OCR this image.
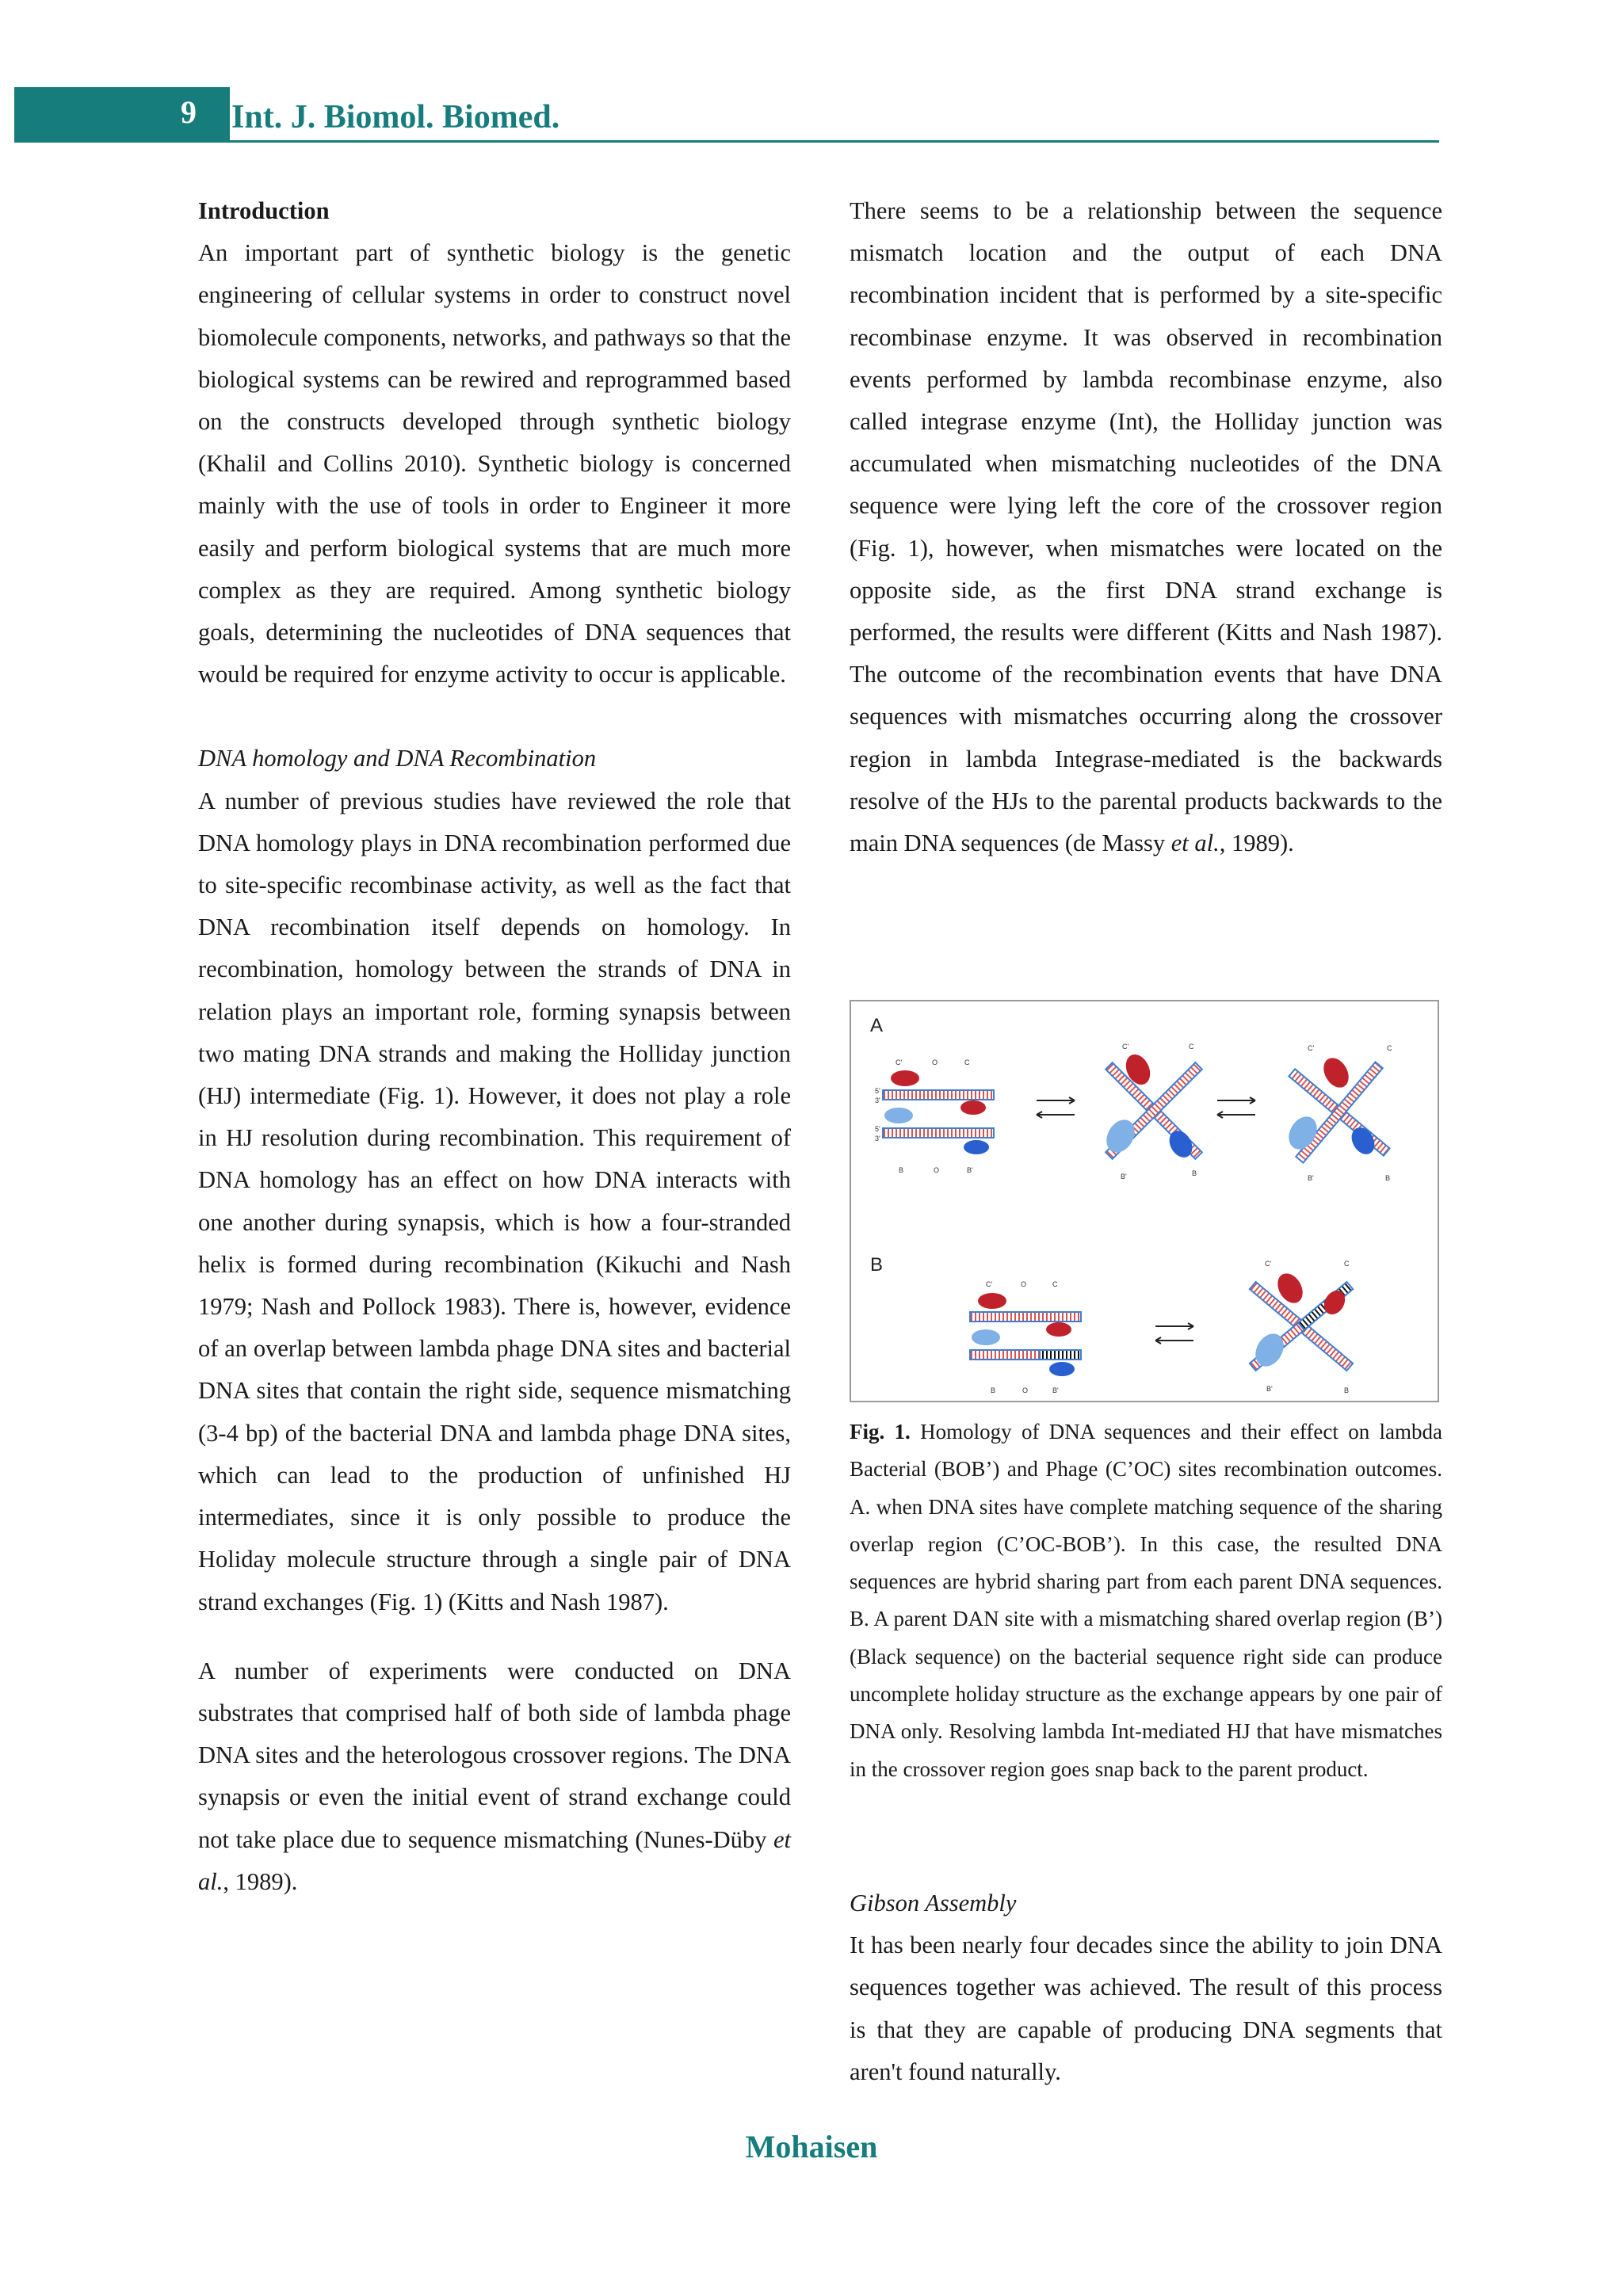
9 Int. J. Biomol. Biomed.

Introduction

An important part of synthetic biology is the genetic engineering of cellular systems in order to construct novel biomolecule components, networks, and pathways so that the biological systems can be rewired and reprogrammed based on the constructs developed through synthetic biology (Khalil and Collins 2010). Synthetic biology is concerned mainly with the use of tools in order to Engineer it more easily and perform biological systems that are much more complex as they are required. Among synthetic biology goals, determining the nucleotides of DNA sequences that would be required for enzyme activity to occur is applicable.

DNA homology and DNA Recombination

A number of previous studies have reviewed the role that DNA homology plays in DNA recombination performed due to site-specific recombinase activity, as well as the fact that DNA recombination itself depends on homology. In recombination, homology between the strands of DNA in relation plays an important role, forming synapsis between two mating DNA strands and making the Holliday junction (HJ) intermediate (Fig. 1). However, it does not play a role in HJ resolution during recombination. This requirement of DNA homology has an effect on how DNA interacts with one another during synapsis, which is how a four-stranded helix is formed during recombination (Kikuchi and Nash 1979; Nash and Pollock 1983). There is, however, evidence of an overlap between lambda phage DNA sites and bacterial DNA sites that contain the right side, sequence mismatching (3-4 bp) of the bacterial DNA and lambda phage DNA sites, which can lead to the production of unfinished HJ intermediates, since it is only possible to produce the Holiday molecule structure through a single pair of DNA strand exchanges (Fig. 1) (Kitts and Nash 1987).

A number of experiments were conducted on DNA substrates that comprised half of both side of lambda phage DNA sites and the heterologous crossover regions. The DNA synapsis or even the initial event of strand exchange could not take place due to sequence mismatching (Nunes-Düby et al., 1989).

There seems to be a relationship between the sequence mismatch location and the output of each DNA recombination incident that is performed by a site-specific recombinase enzyme. It was observed in recombination events performed by lambda recombinase enzyme, also called integrase enzyme (Int), the Holliday junction was accumulated when mismatching nucleotides of the DNA sequence were lying left the core of the crossover region (Fig. 1), however, when mismatches were located on the opposite side, as the first DNA strand exchange is performed, the results were different (Kitts and Nash 1987). The outcome of the recombination events that have DNA sequences with mismatches occurring along the crossover region in lambda Integrase-mediated is the backwards resolve of the HJs to the parental products backwards to the main DNA sequences (de Massy et al., 1989).

A
B
C'	O	C
B	O	B'
5'
3'
5'
3'
C'	C
B'	B
C'	C
B'	B
C'	O	C
B	O	B'
C'	C
B'	B
Fig. 1. Homology of DNA sequences and their effect on lambda Bacterial (BOB’) and Phage (C’OC) sites recombination outcomes. A. when DNA sites have complete matching sequence of the sharing overlap region (C’OC-BOB’). In this case, the resulted DNA sequences are hybrid sharing part from each parent DNA sequences. B. A parent DAN site with a mismatching shared overlap region (B’) (Black sequence) on the bacterial sequence right side can produce uncomplete holiday structure as the exchange appears by one pair of DNA only. Resolving lambda Int-mediated HJ that have mismatches in the crossover region goes snap back to the parent product.

Gibson Assembly

It has been nearly four decades since the ability to join DNA sequences together was achieved. The result of this process is that they are capable of producing DNA segments that aren't found naturally.

Mohaisen
